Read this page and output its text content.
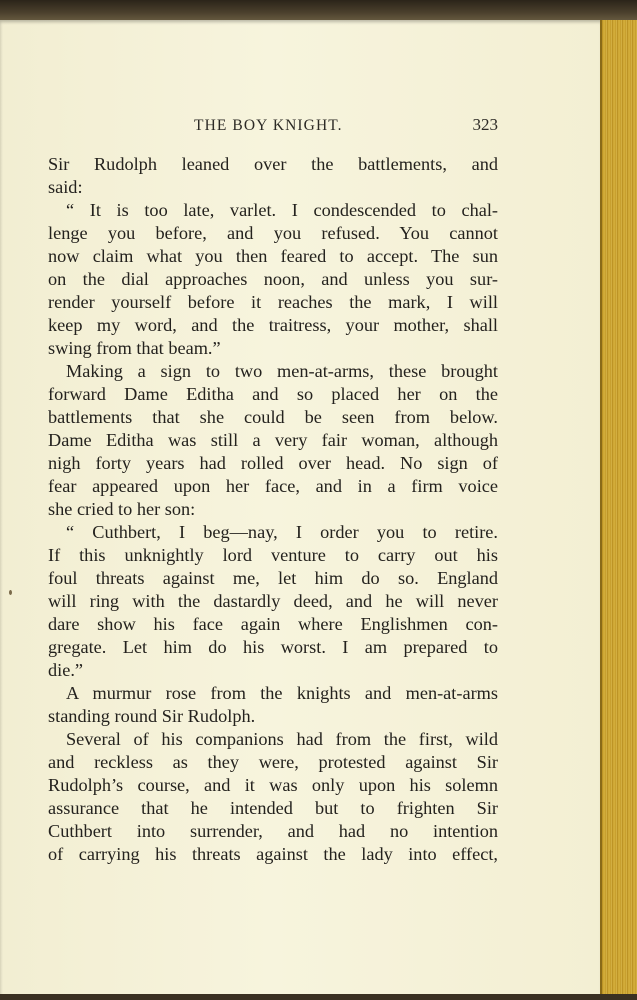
THE BOY KNIGHT.	323
Sir Rudolph leaned over the battlements, and
said:
“ It is too late, varlet. I condescended to chal-
lenge you before, and you refused. You cannot
now claim what you then feared to accept. The sun
on the dial approaches noon, and unless you sur-
render yourself before it reaches the mark, I will
keep my word, and the traitress, your mother, shall
swing from that beam.”
Making a sign to two men-at-arms, these brought
forward Dame Editha and so placed her on the
battlements that she could be seen from below.
Dame Editha was still a very fair woman, although
nigh forty years had rolled over head. No sign of
fear appeared upon her face, and in a firm voice
she cried to her son:
“ Cuthbert, I beg—nay, I order you to retire.
If this unknightly lord venture to carry out his
foul threats against me, let him do so. England
will ring with the dastardly deed, and he will never
dare show his face again where Englishmen con-
gregate. Let him do his worst. I am prepared to
die.”
A murmur rose from the knights and men-at-arms
standing round Sir Rudolph.
Several of his companions had from the first, wild
and reckless as they were, protested against Sir
Rudolph’s course, and it was only upon his solemn
assurance that he intended but to frighten Sir
Cuthbert into surrender, and had no intention
of carrying his threats against the lady into effect,
